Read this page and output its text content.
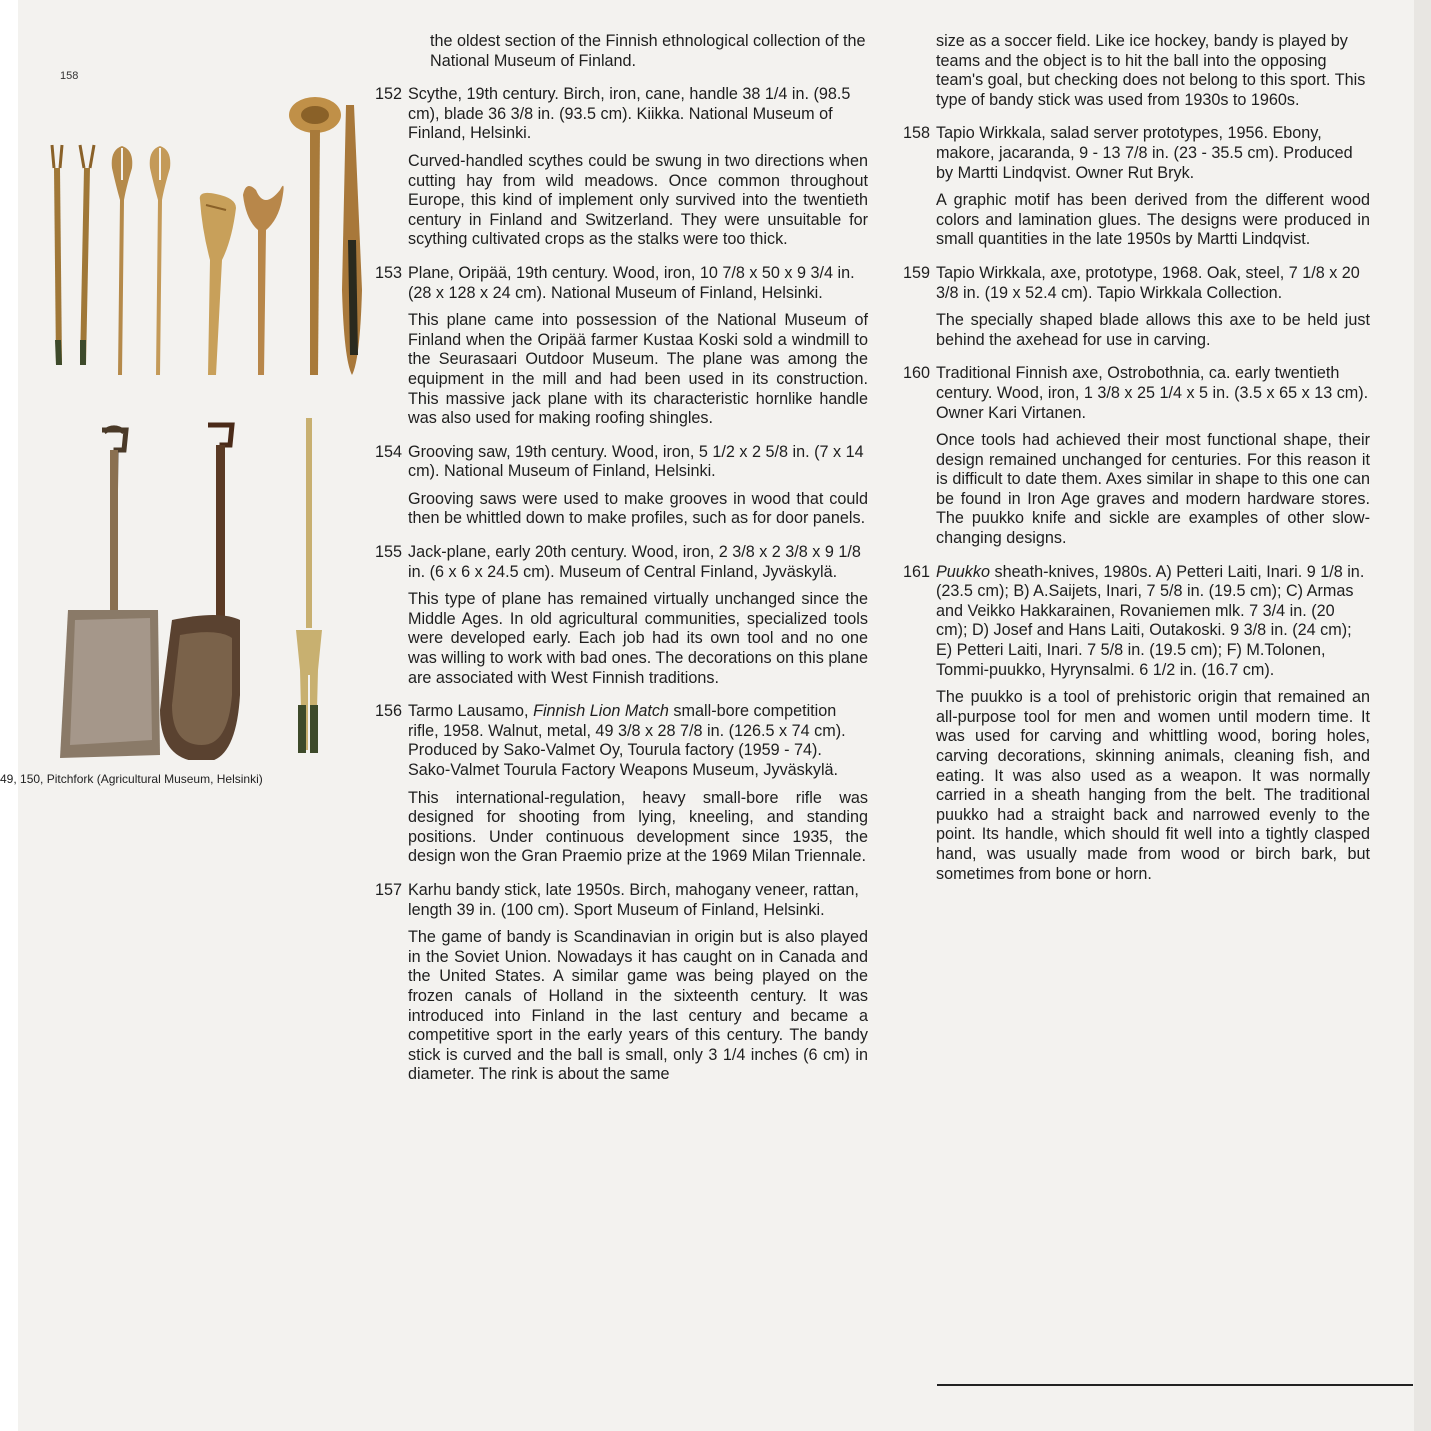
158
49, 150, Pitchfork (Agricultural Museum, Helsinki)
the oldest section of the Finnish ethnological collection of the National Museum of Finland.
152 Scythe, 19th century. Birch, iron, cane, handle 38 1/4 in. (98.5 cm), blade 36 3/8 in. (93.5 cm). Kiikka. National Museum of Finland, Helsinki.
Curved-handled scythes could be swung in two directions when cutting hay from wild meadows. Once common throughout Europe, this kind of implement only survived into the twentieth century in Finland and Switzerland. They were unsuitable for scything cultivated crops as the stalks were too thick.
153 Plane, Oripää, 19th century. Wood, iron, 10 7/8 x 50 x 9 3/4 in. (28 x 128 x 24 cm). National Museum of Finland, Helsinki.
This plane came into possession of the National Museum of Finland when the Oripää farmer Kustaa Koski sold a windmill to the Seurasaari Outdoor Museum. The plane was among the equipment in the mill and had been used in its construction. This massive jack plane with its characteristic hornlike handle was also used for making roofing shingles.
154 Grooving saw, 19th century. Wood, iron, 5 1/2 x 2 5/8 in. (7 x 14 cm). National Museum of Finland, Helsinki.
Grooving saws were used to make grooves in wood that could then be whittled down to make profiles, such as for door panels.
155 Jack-plane, early 20th century. Wood, iron, 2 3/8 x 2 3/8 x 9 1/8 in. (6 x 6 x 24.5 cm). Museum of Central Finland, Jyväskylä.
This type of plane has remained virtually unchanged since the Middle Ages. In old agricultural communities, specialized tools were developed early. Each job had its own tool and no one was willing to work with bad ones. The decorations on this plane are associated with West Finnish traditions.
156 Tarmo Lausamo, Finnish Lion Match small-bore competition rifle, 1958. Walnut, metal, 49 3/8 x 28 7/8 in. (126.5 x 74 cm). Produced by Sako-Valmet Oy, Tourula factory (1959 - 74). Sako-Valmet Tourula Factory Weapons Museum, Jyväskylä.
This international-regulation, heavy small-bore rifle was designed for shooting from lying, kneeling, and standing positions. Under continuous development since 1935, the design won the Gran Praemio prize at the 1969 Milan Triennale.
157 Karhu bandy stick, late 1950s. Birch, mahogany veneer, rattan, length 39 in. (100 cm). Sport Museum of Finland, Helsinki.
The game of bandy is Scandinavian in origin but is also played in the Soviet Union. Nowadays it has caught on in Canada and the United States. A similar game was being played on the frozen canals of Holland in the sixteenth century. It was introduced into Finland in the last century and became a competitive sport in the early years of this century. The bandy stick is curved and the ball is small, only 3 1/4 inches (6 cm) in diameter. The rink is about the same
size as a soccer field. Like ice hockey, bandy is played by teams and the object is to hit the ball into the opposing team's goal, but checking does not belong to this sport. This type of bandy stick was used from 1930s to 1960s.
158 Tapio Wirkkala, salad server prototypes, 1956. Ebony, makore, jacaranda, 9 - 13 7/8 in. (23 - 35.5 cm). Produced by Martti Lindqvist. Owner Rut Bryk.
A graphic motif has been derived from the different wood colors and lamination glues. The designs were produced in small quantities in the late 1950s by Martti Lindqvist.
159 Tapio Wirkkala, axe, prototype, 1968. Oak, steel, 7 1/8 x 20 3/8 in. (19 x 52.4 cm). Tapio Wirkkala Collection.
The specially shaped blade allows this axe to be held just behind the axehead for use in carving.
160 Traditional Finnish axe, Ostrobothnia, ca. early twentieth century. Wood, iron, 1 3/8 x 25 1/4 x 5 in. (3.5 x 65 x 13 cm). Owner Kari Virtanen.
Once tools had achieved their most functional shape, their design remained unchanged for centuries. For this reason it is difficult to date them. Axes similar in shape to this one can be found in Iron Age graves and modern hardware stores. The puukko knife and sickle are examples of other slow-changing designs.
161 Puukko sheath-knives, 1980s. A) Petteri Laiti, Inari. 9 1/8 in. (23.5 cm); B) A.Saijets, Inari, 7 5/8 in. (19.5 cm); C) Armas and Veikko Hakkarainen, Rovaniemen mlk. 7 3/4 in. (20 cm); D) Josef and Hans Laiti, Outakoski. 9 3/8 in. (24 cm); E) Petteri Laiti, Inari. 7 5/8 in. (19.5 cm); F) M.Tolonen, Tommi-puukko, Hyrynsalmi. 6 1/2 in. (16.7 cm).
The puukko is a tool of prehistoric origin that remained an all-purpose tool for men and women until modern time. It was used for carving and whittling wood, boring holes, carving decorations, skinning animals, cleaning fish, and eating. It was also used as a weapon. It was normally carried in a sheath hanging from the belt. The traditional puukko had a straight back and narrowed evenly to the point. Its handle, which should fit well into a tightly clasped hand, was usually made from wood or birch bark, but sometimes from bone or horn.
